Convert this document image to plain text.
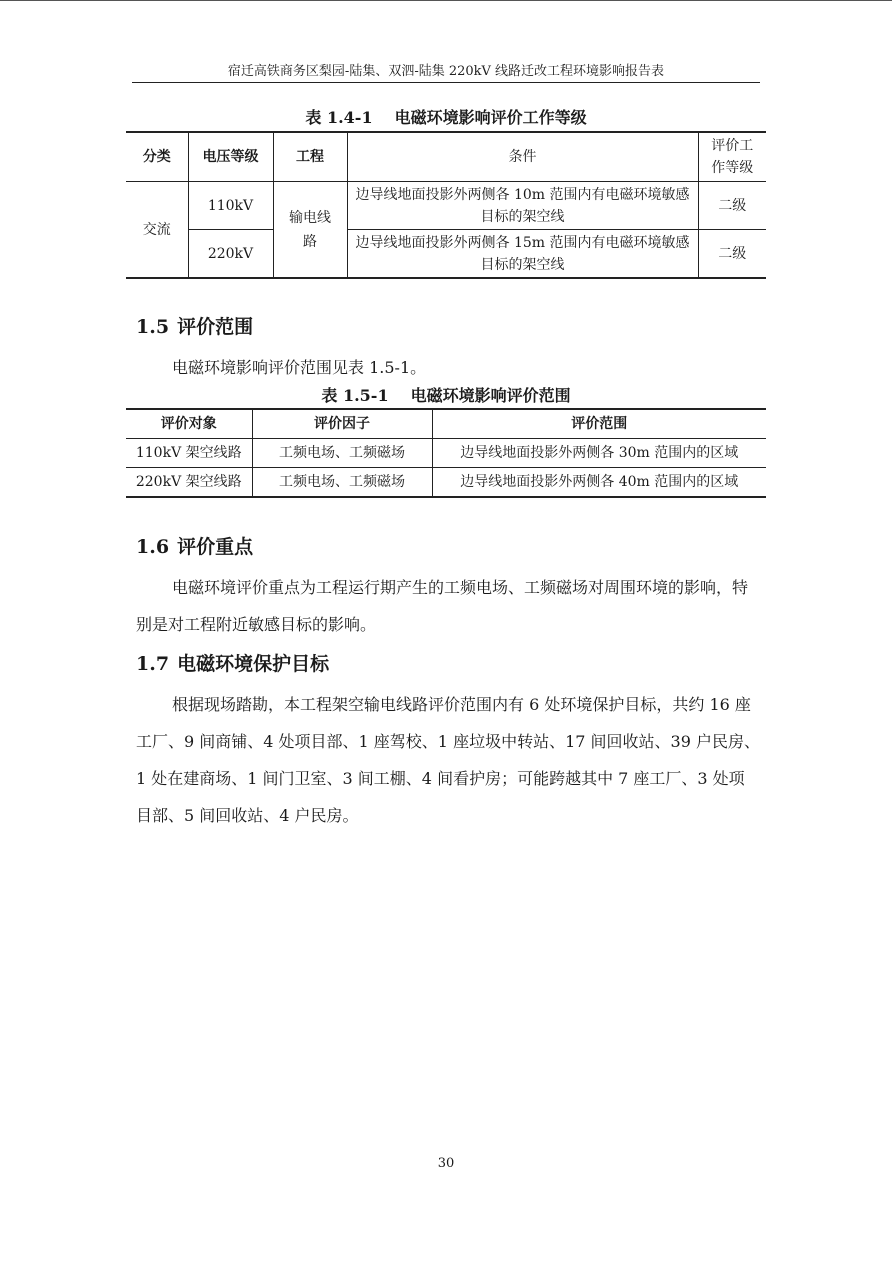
宿迁高铁商务区梨园-陆集、双泗-陆集 220kV 线路迁改工程环境影响报告表
表 1.4-1 电磁环境影响评价工作等级
分类	电压等级	工程	条件	评价工作等级

交流	110kV	输电线路	边导线地面投影外两侧各 10m 范围内有电磁环境敏感目标的架空线	二级
	220kV		边导线地面投影外两侧各 15m 范围内有电磁环境敏感目标的架空线	二级
1.5 评价范围
电磁环境影响评价范围见表 1.5-1。
表 1.5-1 电磁环境影响评价范围
评价对象	评价因子	评价范围
110kV 架空线路	工频电场、工频磁场	边导线地面投影外两侧各 30m 范围内的区域
220kV 架空线路	工频电场、工频磁场	边导线地面投影外两侧各 40m 范围内的区域
1.6 评价重点
电磁环境评价重点为工程运行期产生的工频电场、工频磁场对周围环境的影响，特别是对工程附近敏感目标的影响。
1.7 电磁环境保护目标
根据现场踏勘，本工程架空输电线路评价范围内有 6 处环境保护目标，共约 16 座工厂、9 间商铺、4 处项目部、1 座驾校、1 座垃圾中转站、17 间回收站、39 户民房、1 处在建商场、1 间门卫室、3 间工棚、4 间看护房；可能跨越其中 7 座工厂、3 处项目部、5 间回收站、4 户民房。
30
